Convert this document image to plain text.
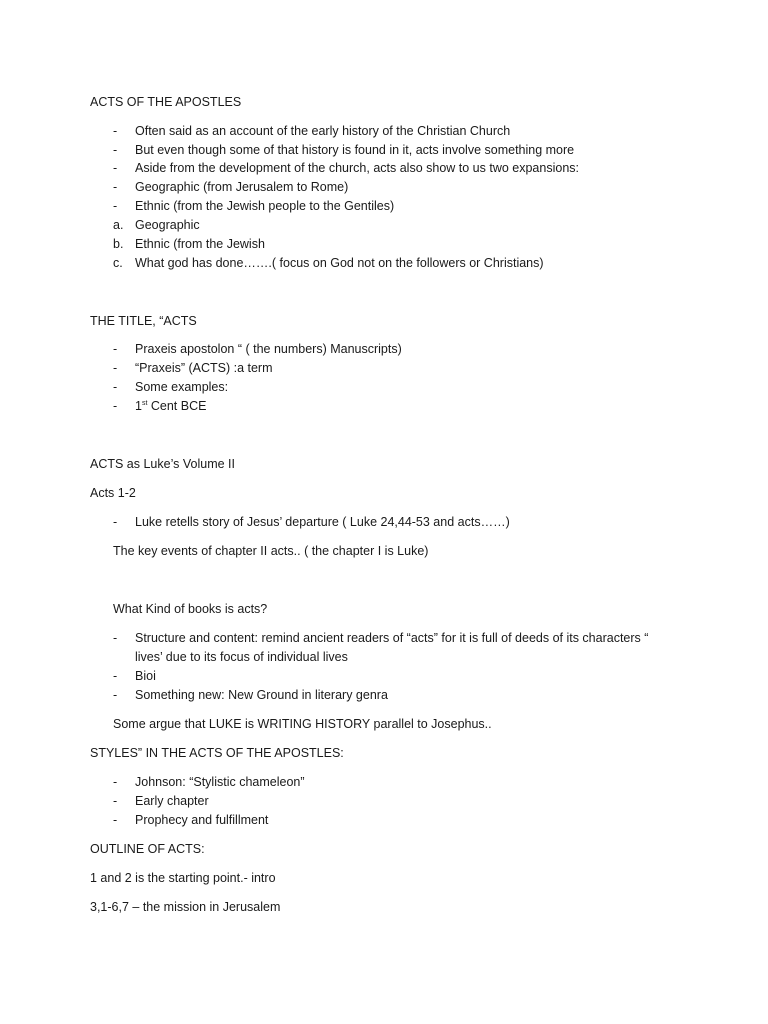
ACTS OF THE APOSTLES
-	Often said as an account of the early history of the Christian Church
-	But even though some of that history is found in it, acts involve something more
-	Aside from the development of the church, acts also show to us two expansions:
-	Geographic (from Jerusalem to Rome)
-	Ethnic (from the Jewish people to the Gentiles)
a. Geographic
b. Ethnic (from the Jewish
c. What god has done…….( focus on God not on the followers or Christians)
THE TITLE, “ACTS
-	Praxeis apostolon “ ( the numbers) Manuscripts)
-	“Praxeis” (ACTS) :a term
-	Some examples:
-	1st Cent BCE
ACTS as Luke’s Volume II
Acts 1-2
-	Luke retells story of Jesus’ departure ( Luke 24,44-53 and acts……)
The key events of chapter II acts.. ( the chapter I is Luke)
What Kind of books is acts?
-	Structure and content: remind ancient readers of “acts” for it is full of deeds of its characters “ lives’ due to its focus of individual lives
-	Bioi
-	Something new: New Ground in literary genra
Some argue that LUKE is WRITING HISTORY parallel to Josephus..
STYLES” IN THE ACTS OF THE APOSTLES:
-	Johnson: “Stylistic chameleon”
-	Early chapter
-	Prophecy and fulfillment
OUTLINE OF ACTS:
1 and 2 is the starting point.- intro
3,1-6,7 – the mission in Jerusalem
